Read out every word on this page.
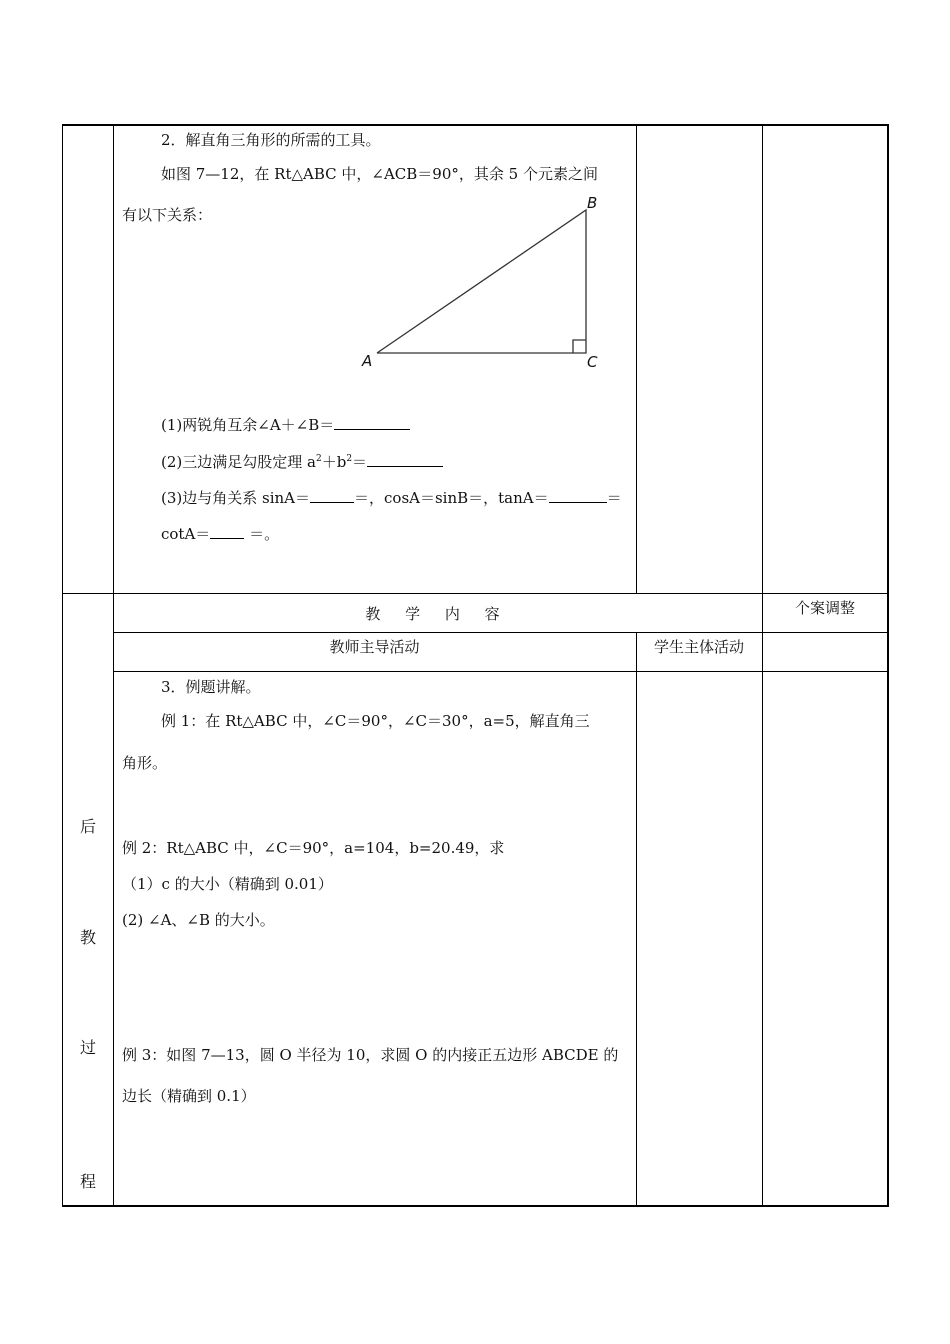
2．解直角三角形的所需的工具。
如图 7—12，在 Rt△ABC 中，∠ACB＝90°，其余 5 个元素之间
有以下关系：
A
B
C
(1)两锐角互余∠A＋∠B＝
(2)三边满足勾股定理 $a^2+b^2=$
(3)边与角关系 sinA＝	＝，cosA＝sinB＝，tanA＝	＝
cotA＝	＝。
教 学 内 容	个案调整
教师主导活动	学生主体活动
后
教
过
程
3．例题讲解。
例 1：在 Rt△ABC 中，∠C＝90°，∠C＝30°，a=5，解直角三
角形。
例 2：Rt△ABC 中，∠C＝90°，a=104，b=20.49，求
（1）c 的大小（精确到 0.01）
(2) ∠A、∠B 的大小。
例 3：如图 7—13，圆 O 半径为 10，求圆 O 的内接正五边形 ABCDE 的
边长（精确到 0.1）
